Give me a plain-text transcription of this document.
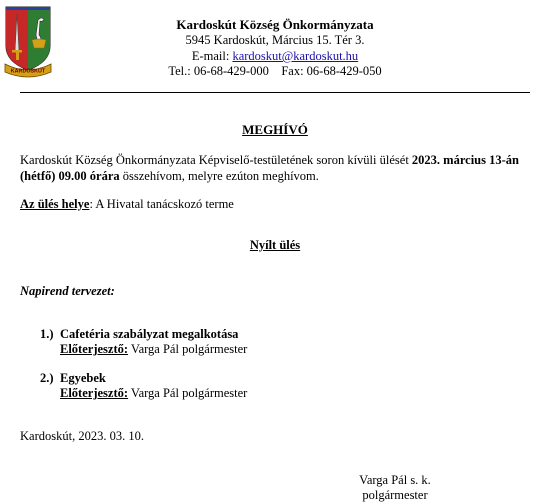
KARDOSKÚT
Kardoskút Község Önkormányzata
5945 Kardoskút, Március 15. Tér 3.
E-mail: kardoskut@kardoskut.hu
Tel.: 06-68-429-000 Fax: 06-68-429-050
MEGHÍVÓ
Kardoskút Község Önkormányzata Képviselő-testületének soron kívüli ülését 2023. március 13-án (hétfő) 09.00 órára összehívom, melyre ezúton meghívom.
Az ülés helye: A Hivatal tanácskozó terme
Nyílt ülés
Napirend tervezet:
1.) Cafetéria szabályzat megalkotása
Előterjesztő: Varga Pál polgármester
2.) Egyebek
Előterjesztő: Varga Pál polgármester
Kardoskút, 2023. 03. 10.
Varga Pál s. k.
polgármester
